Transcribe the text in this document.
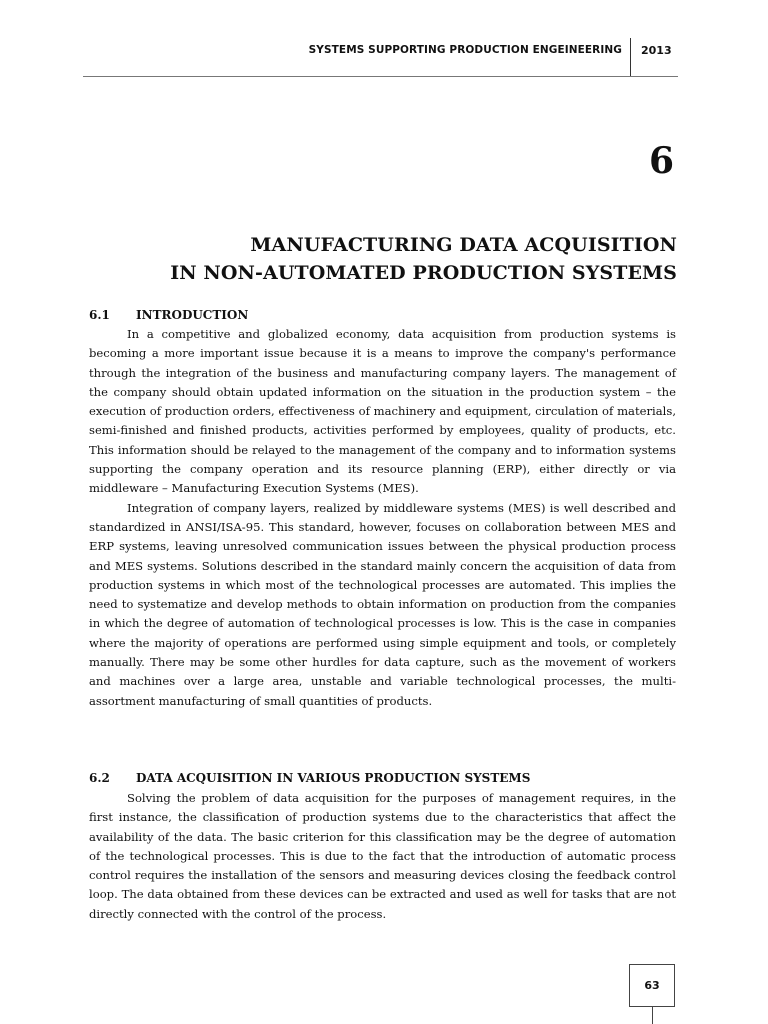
SYSTEMS SUPPORTING PRODUCTION ENGEINEERING 2013
6
MANUFACTURING DATA ACQUISITION
IN NON-AUTOMATED PRODUCTION SYSTEMS
6.1 INTRODUCTION

In a competitive and globalized economy, data acquisition from production systems is becoming a more important issue because it is a means to improve the company's performance through the integration of the business and manufacturing company layers. The management of the company should obtain updated information on the situation in the production system – the execution of production orders, effectiveness of machinery and equipment, circulation of materials, semi-finished and finished products, activities performed by employees, quality of products, etc. This information should be relayed to the management of the company and to information systems supporting the company operation and its resource planning (ERP), either directly or via middleware – Manufacturing Execution Systems (MES).

Integration of company layers, realized by middleware systems (MES) is well described and standardized in ANSI/ISA-95. This standard, however, focuses on collaboration between MES and ERP systems, leaving unresolved communication issues between the physical production process and MES systems. Solutions described in the standard mainly concern the acquisition of data from production systems in which most of the technological processes are automated. This implies the need to systematize and develop methods to obtain information on production from the companies in which the degree of automation of technological processes is low. This is the case in companies where the majority of operations are performed using simple equipment and tools, or completely manually. There may be some other hurdles for data capture, such as the movement of workers and machines over a large area, unstable and variable technological processes, the multi-assortment manufacturing of small quantities of products.

6.2 DATA ACQUISITION IN VARIOUS PRODUCTION SYSTEMS

Solving the problem of data acquisition for the purposes of management requires, in the first instance, the classification of production systems due to the characteristics that affect the availability of the data. The basic criterion for this classification may be the degree of automation of the technological processes. This is due to the fact that the introduction of automatic process control requires the installation of the sensors and measuring devices closing the feedback control loop. The data obtained from these devices can be extracted and used as well for tasks that are not directly connected with the control of the process.

63
